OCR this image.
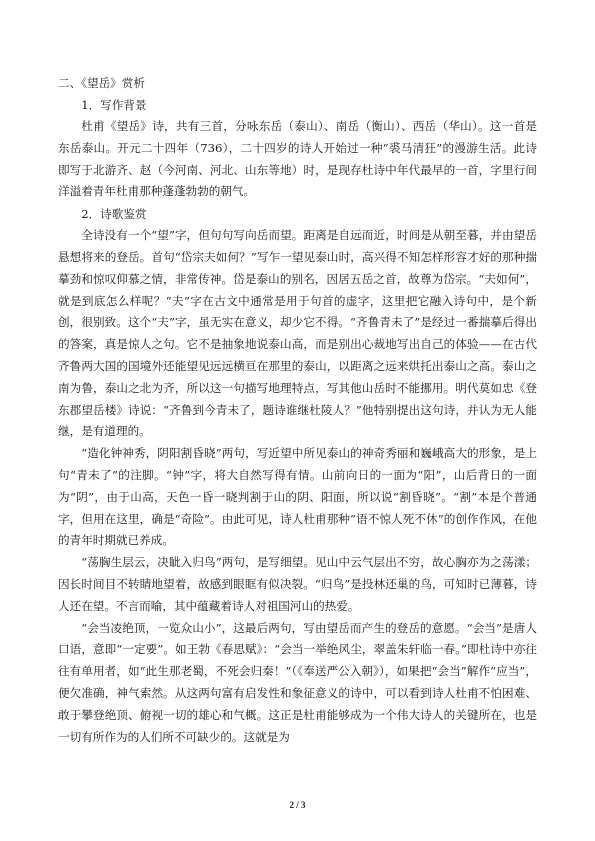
二、《望岳》赏析

1．写作背景

杜甫《望岳》诗，共有三首，分咏东岳（泰山）、南岳（衡山）、西岳（华山）。这一首是东岳泰山。开元二十四年（736），二十四岁的诗人开始过一种“裘马清狂”的漫游生活。此诗即写于北游齐、赵（今河南、河北、山东等地）时，是现存杜诗中年代最早的一首，字里行间洋溢着青年杜甫那种蓬蓬勃勃的朝气。

2．诗歌鉴赏

全诗没有一个“望”字，但句句写向岳而望。距离是自远而近，时间是从朝至暮，并由望岳悬想将来的登岳。首句“岱宗夫如何？”写乍一望见泰山时，高兴得不知怎样形容才好的那种揣摹劲和惊叹仰慕之情，非常传神。岱是泰山的别名，因居五岳之首，故尊为岱宗。“夫如何”，就是到底怎么样呢？“夫”字在古文中通常是用于句首的虚字，这里把它融入诗句中，是个新创，很别致。这个“夫”字，虽无实在意义，却少它不得。“齐鲁青未了”是经过一番揣摹后得出的答案，真是惊人之句。它不是抽象地说泰山高，而是别出心裁地写出自己的体验——在古代齐鲁两大国的国境外还能望见远远横亘在那里的泰山，以距离之远来烘托出泰山之高。泰山之南为鲁，泰山之北为齐，所以这一句描写地理特点，写其他山岳时不能挪用。明代莫如忠《登东郡望岳楼》诗说：“齐鲁到今青未了，题诗谁继杜陵人？”他特别提出这句诗，并认为无人能继，是有道理的。

“造化钟神秀，阴阳割昏晓”两句，写近望中所见泰山的神奇秀丽和巍峨高大的形象，是上句“青未了”的注脚。“钟”字，将大自然写得有情。山前向日的一面为“阳”，山后背日的一面为“阴”，由于山高，天色一昏一晓判割于山的阴、阳面，所以说“割昏晓”。“割”本是个普通字，但用在这里，确是“奇险”。由此可见，诗人杜甫那种“语不惊人死不休”的创作作风，在他的青年时期就已养成。

“荡胸生层云，决眦入归鸟”两句，是写细望。见山中云气层出不穷，故心胸亦为之荡漾；因长时间目不转睛地望着，故感到眼眶有似决裂。“归鸟”是投林还巢的鸟，可知时已薄暮，诗人还在望。不言而喻，其中蕴藏着诗人对祖国河山的热爱。

“会当凌绝顶，一览众山小”，这最后两句，写由望岳而产生的登岳的意愿。“会当”是唐人口语，意即“一定要”。如王勃《春思赋》：“会当一举绝风尘，翠盖朱轩临一春。”即杜诗中亦往往有单用者，如“此生那老蜀，不死会归秦！”（《奉送严公入朝》），如果把“会当”解作“应当”，便欠准确，神气索然。从这两句富有启发性和象征意义的诗中，可以看到诗人杜甫不怕困难、敢于攀登绝顶、俯视一切的雄心和气概。这正是杜甫能够成为一个伟大诗人的关键所在，也是一切有所作为的人们所不可缺少的。这就是为

2 / 3
